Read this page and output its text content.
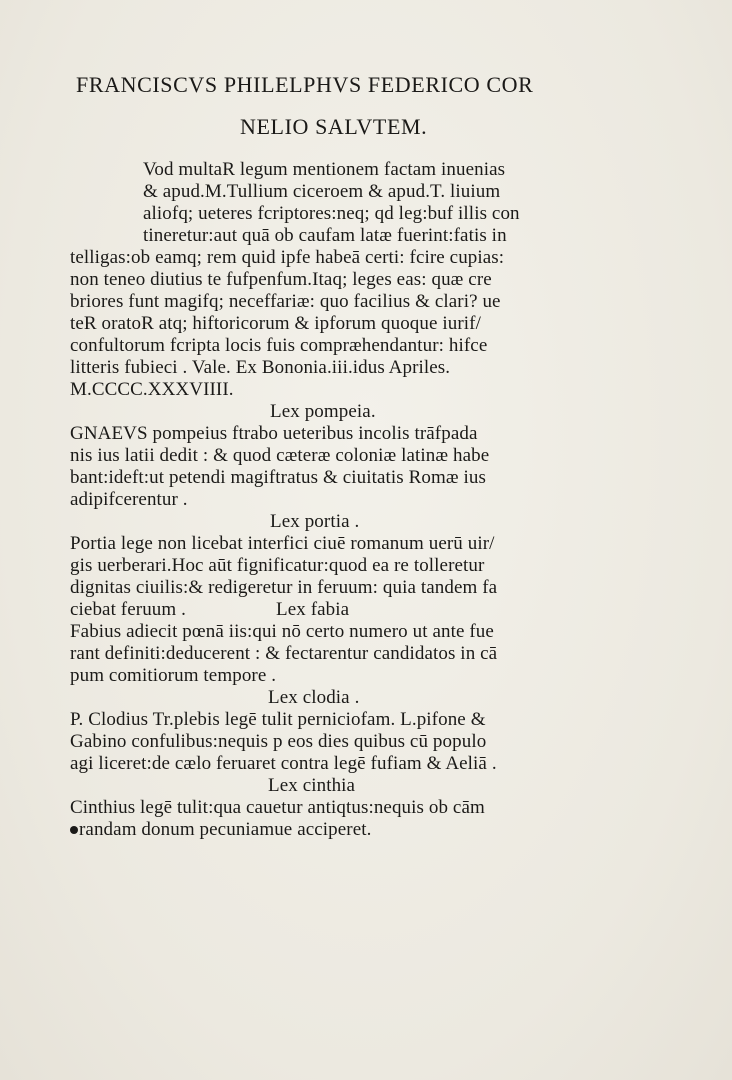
FRANCISCVS PHILELPHVS FEDERICO COR
NELIO SALVTEM.
Vod multaR legum mentionem factam inuenias
& apud.M.Tullium ciceroem & apud.T. liuium
aliofq; ueteres fcriptores:neq; qd leg:buf illis con
tineretur:aut quā ob caufam latæ fuerint:fatis in
telligas:ob eamq; rem quid ipfe habeā certi: fcire cupias:
non teneo diutius te fufpenfum.Itaq; leges eas: quæ cre
briores funt magifq; neceffariæ: quo facilius & clari? ue
teR oratoR atq; hiftoricorum & ipforum quoque iurif/
confultorum fcripta locis fuis compræhendantur: hifce
litteris fubieci . Vale. Ex Bononia.iii.idus Apriles.
M.CCCC.XXXVIIII.
Lex pompeia.
GNAEVS pompeius ftrabo ueteribus incolis trāfpada
nis ius latii dedit : & quod cæteræ coloniæ latinæ habe
bant:ideft:ut petendi magiftratus & ciuitatis Romæ ius
adipifcerentur .
Lex portia .
Portia lege non licebat interfici ciuē romanum uerū uir/
gis uerberari.Hoc aūt fignificatur:quod ea re tolleretur
dignitas ciuilis:& redigeretur in feruum: quia tandem fa
ciebat feruum .	Lex fabia
Fabius adiecit pœnā iis:qui nō certo numero ut ante fue
rant definiti:deducerent : & fectarentur candidatos in cā
pum comitiorum tempore .
Lex clodia .
P. Clodius Tr.plebis legē tulit perniciofam. L.pifone &
Gabino confulibus:nequis p eos dies quibus cū populo
agi liceret:de cælo feruaret contra legē fufiam & Aeliā .
Lex cinthia
Cinthius legē tulit:qua cauetur antiqtus:nequis ob cām
randam donum pecuniamue acciperet.
